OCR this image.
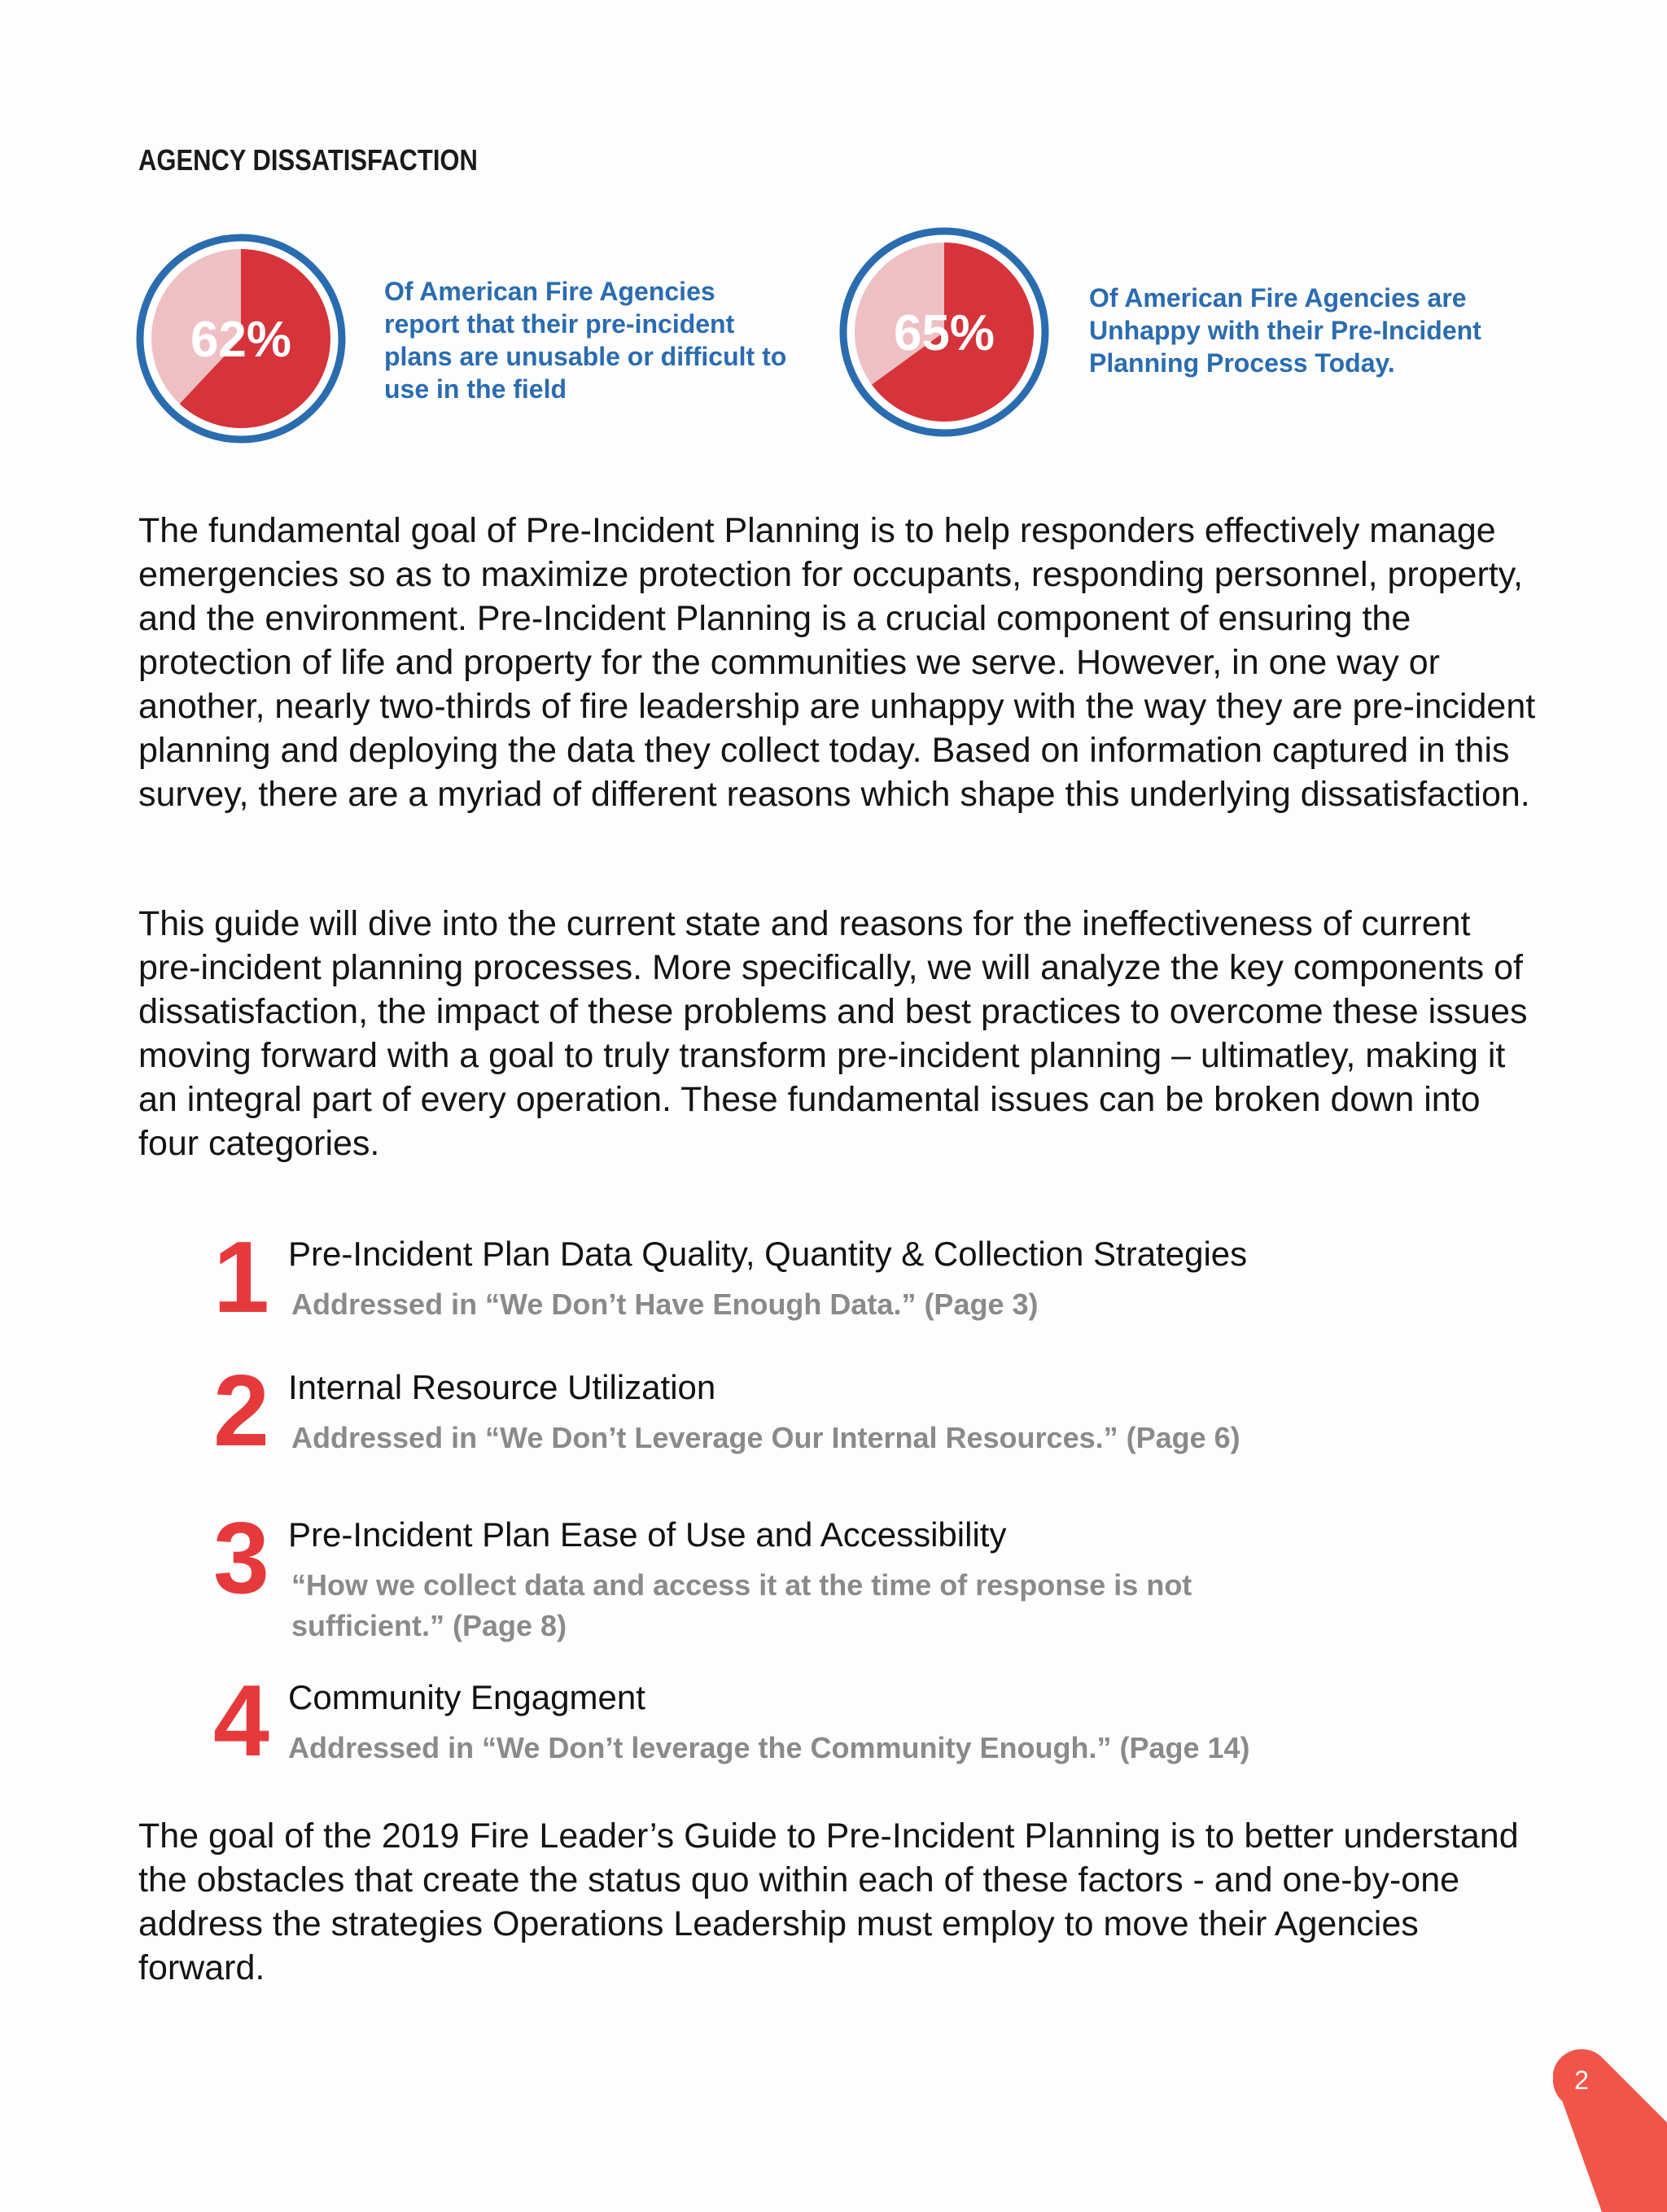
AGENCY DISSATISFACTION
62%

Of American Fire Agencies report that their pre-incident plans are unusable or difficult to use in the field

65%

Of American Fire Agencies are Unhappy with their Pre-Incident Planning Process Today.

The fundamental goal of Pre-Incident Planning is to help responders effectively manage emergencies so as to maximize protection for occupants, responding personnel, property, and the environment. Pre-Incident Planning is a crucial component of ensuring the protection of life and property for the communities we serve. However, in one way or another, nearly two-thirds of fire leadership are unhappy with the way they are pre-incident planning and deploying the data they collect today. Based on information captured in this survey, there are a myriad of different reasons which shape this underlying dissatisfaction.

This guide will dive into the current state and reasons for the ineffectiveness of current pre-incident planning processes. More specifically, we will analyze the key components of dissatisfaction, the impact of these problems and best practices to overcome these issues moving forward with a goal to truly transform pre-incident planning – ultimatley, making it an integral part of every operation. These fundamental issues can be broken down into four categories.

1 Pre-Incident Plan Data Quality, Quantity & Collection Strategies

Addressed in “We Don’t Have Enough Data.” (Page 3)

2 Internal Resource Utilization

Addressed in “We Don’t Leverage Our Internal Resources.” (Page 6)

3 Pre-Incident Plan Ease of Use and Accessibility

“How we collect data and access it at the time of response is not sufficient.” (Page 8)

4 Community Engagment

Addressed in “We Don’t leverage the Community Enough.” (Page 14)

The goal of the 2019 Fire Leader’s Guide to Pre-Incident Planning is to better understand the obstacles that create the status quo within each of these factors - and one-by-one address the strategies Operations Leadership must employ to move their Agencies forward.

2
